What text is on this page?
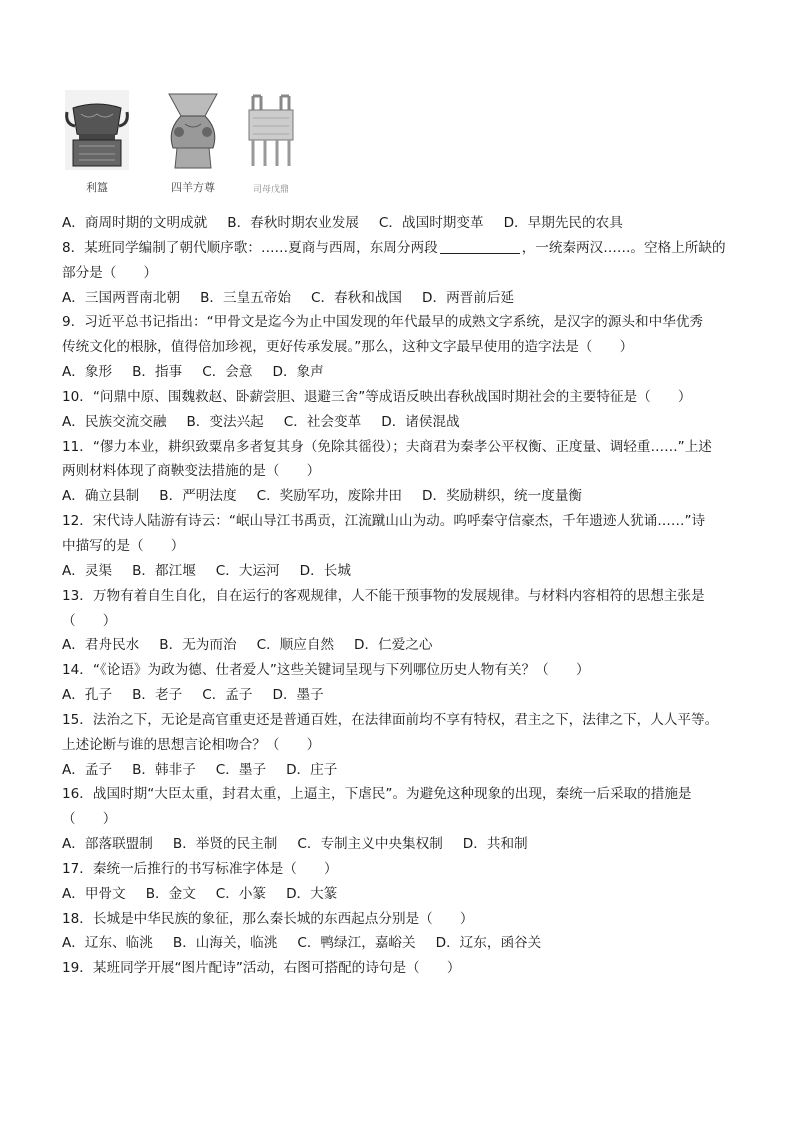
利簋	四羊方尊	司母戊鼎
A．商周时期的文明成就 B．春秋时期农业发展 C．战国时期变革 D．早期先民的农具
8．某班同学编制了朝代顺序歌：……夏商与西周，东周分两段	，一统秦两汉……。空格上所缺的
部分是（　　）
A．三国两晋南北朝 B．三皇五帝始 C．春秋和战国 D．两晋前后延
9．习近平总书记指出：“甲骨文是迄今为止中国发现的年代最早的成熟文字系统，是汉字的源头和中华优秀
传统文化的根脉，值得倍加珍视，更好传承发展。”那么，这种文字最早使用的造字法是（　　）
A．象形 B．指事 C．会意 D．象声
10．“问鼎中原、围魏救赵、卧薪尝胆、退避三舍”等成语反映出春秋战国时期社会的主要特征是（　　）
A．民族交流交融 B．变法兴起 C．社会变革 D．诸侯混战
11．“僇力本业，耕织致粟帛多者复其身（免除其徭役）；夫商君为秦孝公平权衡、正度量、调轻重……”上述
两则材料体现了商鞅变法措施的是（　　）
A．确立县制 B．严明法度 C．奖励军功，废除井田 D．奖励耕织，统一度量衡
12．宋代诗人陆游有诗云：“岷山导江书禹贡，江流蹴山山为动。呜呼秦守信豪杰，千年遗迹人犹诵……”诗
中描写的是（　　）
A．灵渠 B．都江堰 C．大运河 D．长城
13．万物有着自生自化，自在运行的客观规律，人不能干预事物的发展规律。与材料内容相符的思想主张是
（　　）
A．君舟民水 B．无为而治 C．顺应自然 D．仁爱之心
14．“《论语》为政为德、仕者爱人”这些关键词呈现与下列哪位历史人物有关？（　　）
A．孔子 B．老子 C．孟子 D．墨子
15．法治之下，无论是高官重吏还是普通百姓，在法律面前均不享有特权，君主之下，法律之下，人人平等。
上述论断与谁的思想言论相吻合？（　　）
A．孟子 B．韩非子 C．墨子 D．庄子
16．战国时期“大臣太重，封君太重，上逼主，下虐民”。为避免这种现象的出现，秦统一后采取的措施是
（　　）
A．部落联盟制 B．举贤的民主制 C．专制主义中央集权制 D．共和制
17．秦统一后推行的书写标准字体是（　　）
A．甲骨文 B．金文 C．小篆 D．大篆
18．长城是中华民族的象征，那么秦长城的东西起点分别是（　　）
A．辽东、临洮 B．山海关，临洮 C．鸭绿江，嘉峪关 D．辽东，函谷关
19．某班同学开展“图片配诗”活动，右图可搭配的诗句是（　　）
